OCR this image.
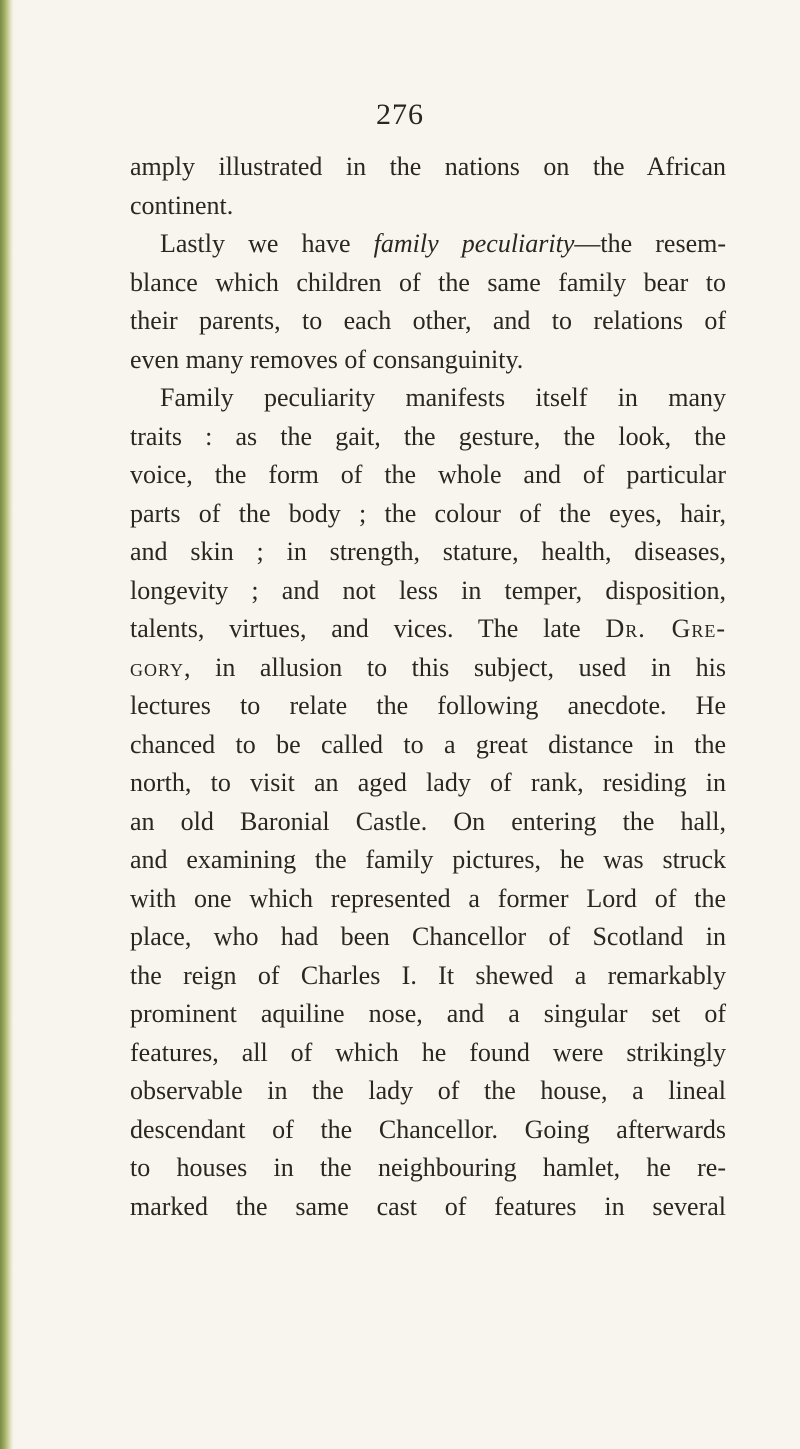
276
amply illustrated in the nations on the African
continent.
Lastly we have family peculiarity—the resem-
blance which children of the same family bear to
their parents, to each other, and to relations of
even many removes of consanguinity.
Family peculiarity manifests itself in many
traits : as the gait, the gesture, the look, the
voice, the form of the whole and of particular
parts of the body ; the colour of the eyes, hair,
and skin ; in strength, stature, health, diseases,
longevity ; and not less in temper, disposition,
talents, virtues, and vices. The late Dr. Gre-
gory, in allusion to this subject, used in his
lectures to relate the following anecdote. He
chanced to be called to a great distance in the
north, to visit an aged lady of rank, residing in
an old Baronial Castle. On entering the hall,
and examining the family pictures, he was struck
with one which represented a former Lord of the
place, who had been Chancellor of Scotland in
the reign of Charles I. It shewed a remarkably
prominent aquiline nose, and a singular set of
features, all of which he found were strikingly
observable in the lady of the house, a lineal
descendant of the Chancellor. Going afterwards
to houses in the neighbouring hamlet, he re-
marked the same cast of features in several
